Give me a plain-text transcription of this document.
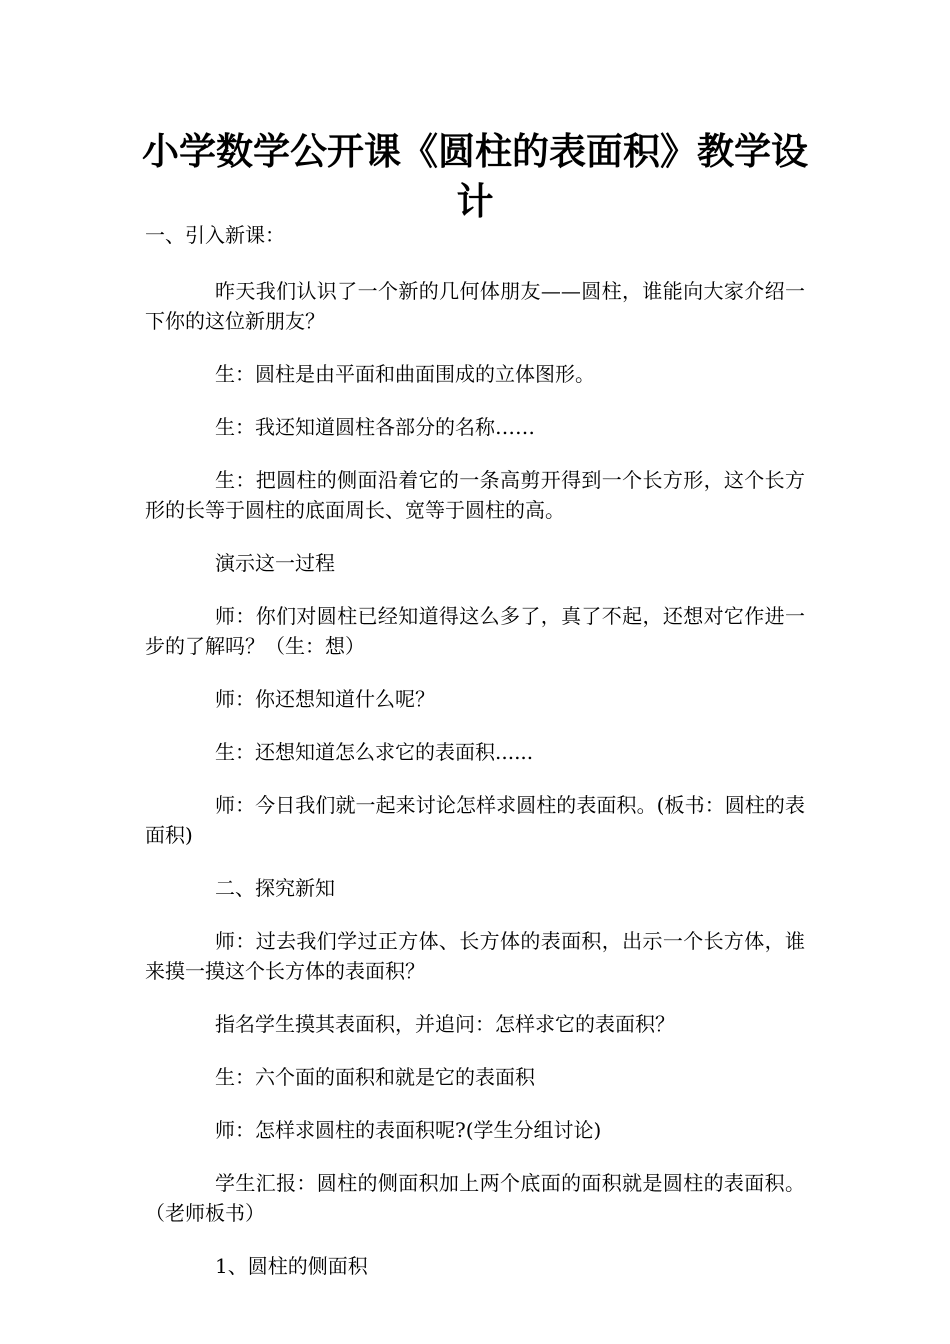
小学数学公开课《圆柱的表面积》教学设计

一、引入新课：

昨天我们认识了一个新的几何体朋友——圆柱，谁能向大家介绍一下你的这位新朋友？

生：圆柱是由平面和曲面围成的立体图形。

生：我还知道圆柱各部分的名称……

生：把圆柱的侧面沿着它的一条高剪开得到一个长方形，这个长方形的长等于圆柱的底面周长、宽等于圆柱的高。

演示这一过程

师：你们对圆柱已经知道得这么多了，真了不起，还想对它作进一步的了解吗？（生：想）

师：你还想知道什么呢？

生：还想知道怎么求它的表面积......

师：今日我们就一起来讨论怎样求圆柱的表面积。(板书：圆柱的表面积)

二、探究新知

师：过去我们学过正方体、长方体的表面积，出示一个长方体，谁来摸一摸这个长方体的表面积？

指名学生摸其表面积，并追问：怎样求它的表面积？

生：六个面的面积和就是它的表面积

师：怎样求圆柱的表面积呢?(学生分组讨论)

学生汇报：圆柱的侧面积加上两个底面的面积就是圆柱的表面积。（老师板书）

1、圆柱的侧面积
